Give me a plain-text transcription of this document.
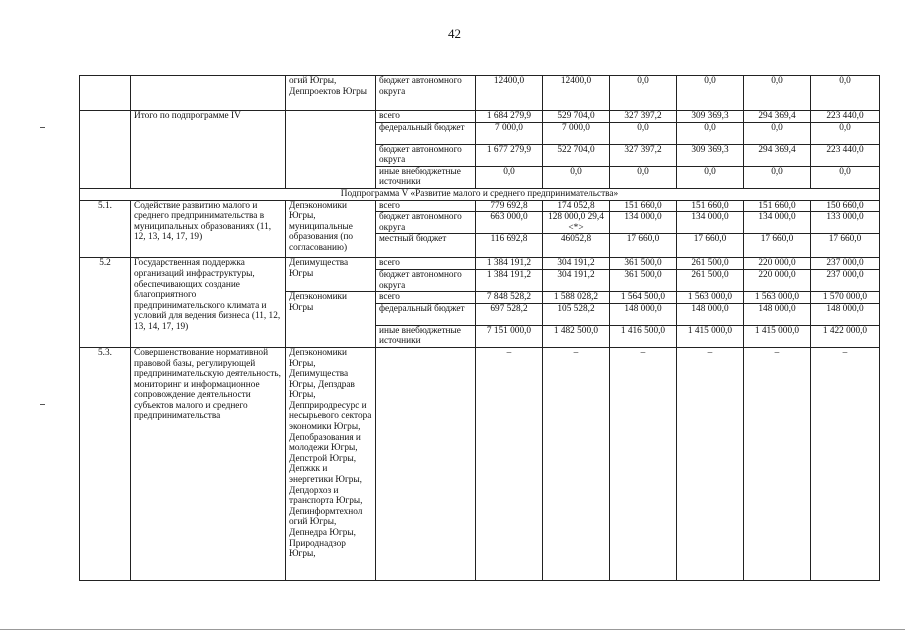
42
		огий Югры, Деппроектов Югры	бюджет автономного округа	12400,0	12400,0	0,0	0,0	0,0	0,0
	Итого по подпрограмме IV		всего	1 684 279,9	529 704,0	327 397,2	309 369,3	294 369,4	223 440,0
			федеральный бюджет	7 000,0	7 000,0	0,0	0,0	0,0	0,0
			бюджет автономного округа	1 677 279,9	522 704,0	327 397,2	309 369,3	294 369,4	223 440,0
			иные внебюджетные источники	0,0	0,0	0,0	0,0	0,0	0,0
Подпрограмма V «Развитие малого и среднего предпринимательства»									
5.1.	Содействие развитию малого и среднего предпринимательства в муниципальных образованиях (11, 12, 13, 14, 17, 19)	Депэкономики Югры, муниципальные образования (по согласованию)	всего	779 692,8	174 052,8	151 660,0	151 660,0	151 660,0	150 660,0
			бюджет автономного округа	663 000,0	128 000,0 29,4 <*>	134 000,0	134 000,0	134 000,0	133 000,0
			местный бюджет	116 692,8	46052,8	17 660,0	17 660,0	17 660,0	17 660,0
5.2	Государственная поддержка организаций инфраструктуры, обеспечивающих создание благоприятного предпринимательского климата и условий для ведения бизнеса (11, 12, 13, 14, 17, 19)	Депимущества Югры	всего	1 384 191,2	304 191,2	361 500,0	261 500,0	220 000,0	237 000,0
			бюджет автономного округа	1 384 191,2	304 191,2	361 500,0	261 500,0	220 000,0	237 000,0
		Депэкономики Югры	всего	7 848 528,2	1 588 028,2	1 564 500,0	1 563 000,0	1 563 000,0	1 570 000,0
			федеральный бюджет	697 528,2	105 528,2	148 000,0	148 000,0	148 000,0	148 000,0
			иные внебюджетные источники	7 151 000,0	1 482 500,0	1 416 500,0	1 415 000,0	1 415 000,0	1 422 000,0
5.3.	Совершенствование нормативной правовой базы, регулирующей предпринимательскую деятельность, мониторинг и информационное сопровождение деятельности субъектов малого и среднего предпринимательства	Депэкономики Югры, Депимущества Югры, Депздрав Югры, Депприродресурс и несырьевого сектора экономики Югры, Депобразования и молодежи Югры, Депстрой Югры, Депжкк и энергетики Югры, Депдорхоз и транспорта Югры, Депинформтехнол огий Югры, Депнедра Югры, Природнадзор Югры,		–	–	–	–	–	–
